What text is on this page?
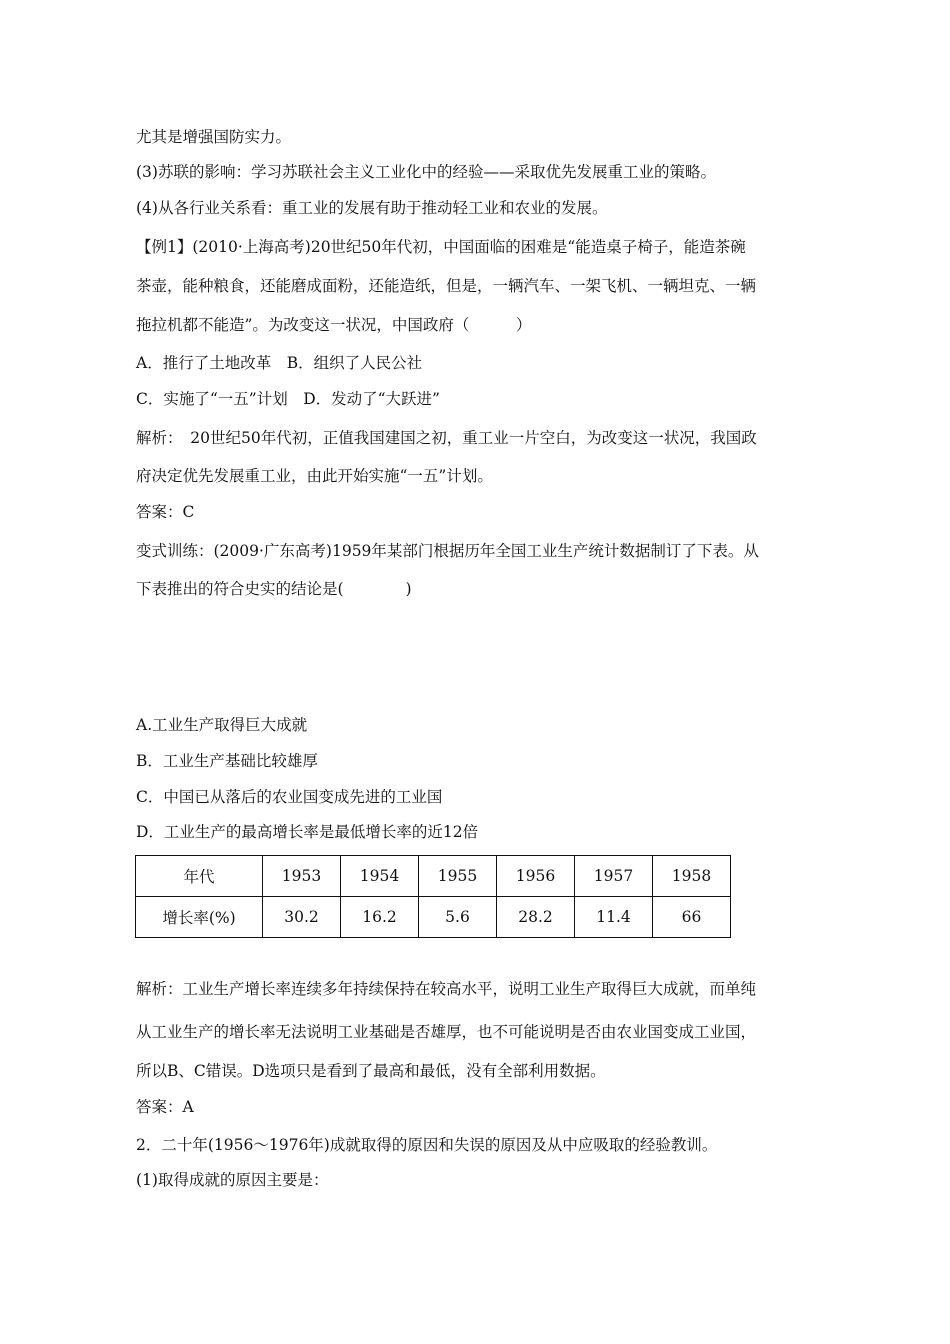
尤其是增强国防实力。
(3)苏联的影响：学习苏联社会主义工业化中的经验——采取优先发展重工业的策略。
(4)从各行业关系看：重工业的发展有助于推动轻工业和农业的发展。
【例1】(2010·上海高考)20世纪50年代初，中国面临的困难是“能造桌子椅子，能造茶碗
茶壶，能种粮食，还能磨成面粉，还能造纸，但是，一辆汽车、一架飞机、一辆坦克、一辆
拖拉机都不能造”。为改变这一状况，中国政府（　　　）
A．推行了土地改革　B．组织了人民公社
C．实施了“一五”计划　D．发动了“大跃进”
解析：　20世纪50年代初，正值我国建国之初，重工业一片空白，为改变这一状况，我国政
府决定优先发展重工业，由此开始实施“一五”计划。
答案：C
变式训练：(2009·广东高考)1959年某部门根据历年全国工业生产统计数据制订了下表。从
下表推出的符合史实的结论是(　　　　)
A.工业生产取得巨大成就
B．工业生产基础比较雄厚
C．中国已从落后的农业国变成先进的工业国
D．工业生产的最高增长率是最低增长率的近12倍
年代	1953	1954	1955	1956	1957	1958
增长率(%)	30.2	16.2	5.6	28.2	11.4	66
解析：工业生产增长率连续多年持续保持在较高水平，说明工业生产取得巨大成就，而单纯
从工业生产的增长率无法说明工业基础是否雄厚，也不可能说明是否由农业国变成工业国，
所以B、C错误。D选项只是看到了最高和最低，没有全部利用数据。
答案：A
2．二十年(1956～1976年)成就取得的原因和失误的原因及从中应吸取的经验教训。
(1)取得成就的原因主要是：
